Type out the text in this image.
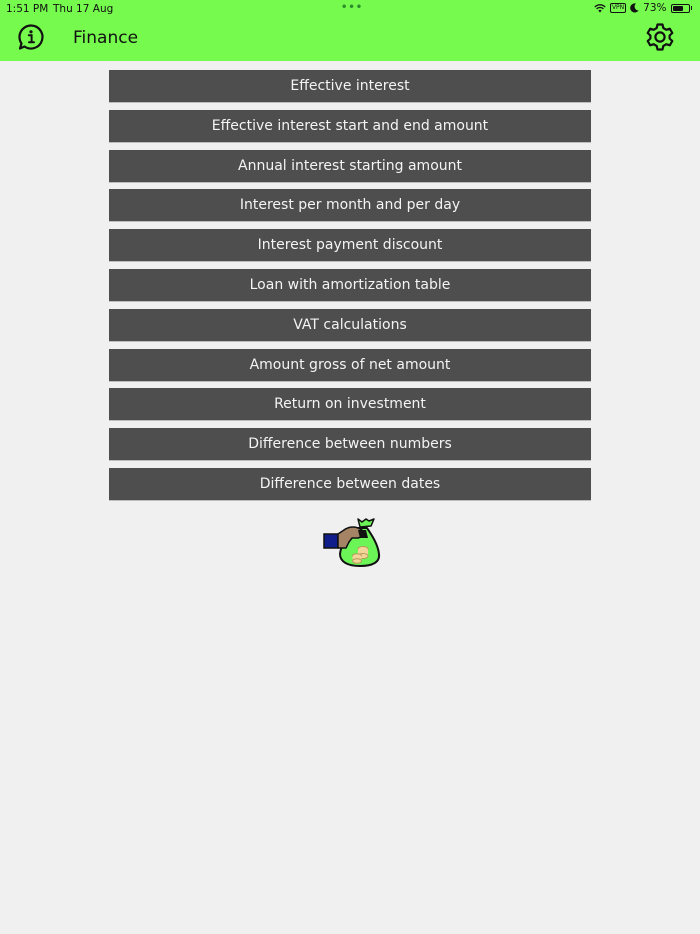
1:51 PM Thu 17 Aug	•••	VPN 73%
Finance
Effective interest
Effective interest start and end amount
Annual interest starting amount
Interest per month and per day
Interest payment discount
Loan with amortization table
VAT calculations
Amount gross of net amount
Return on investment
Difference between numbers
Difference between dates
